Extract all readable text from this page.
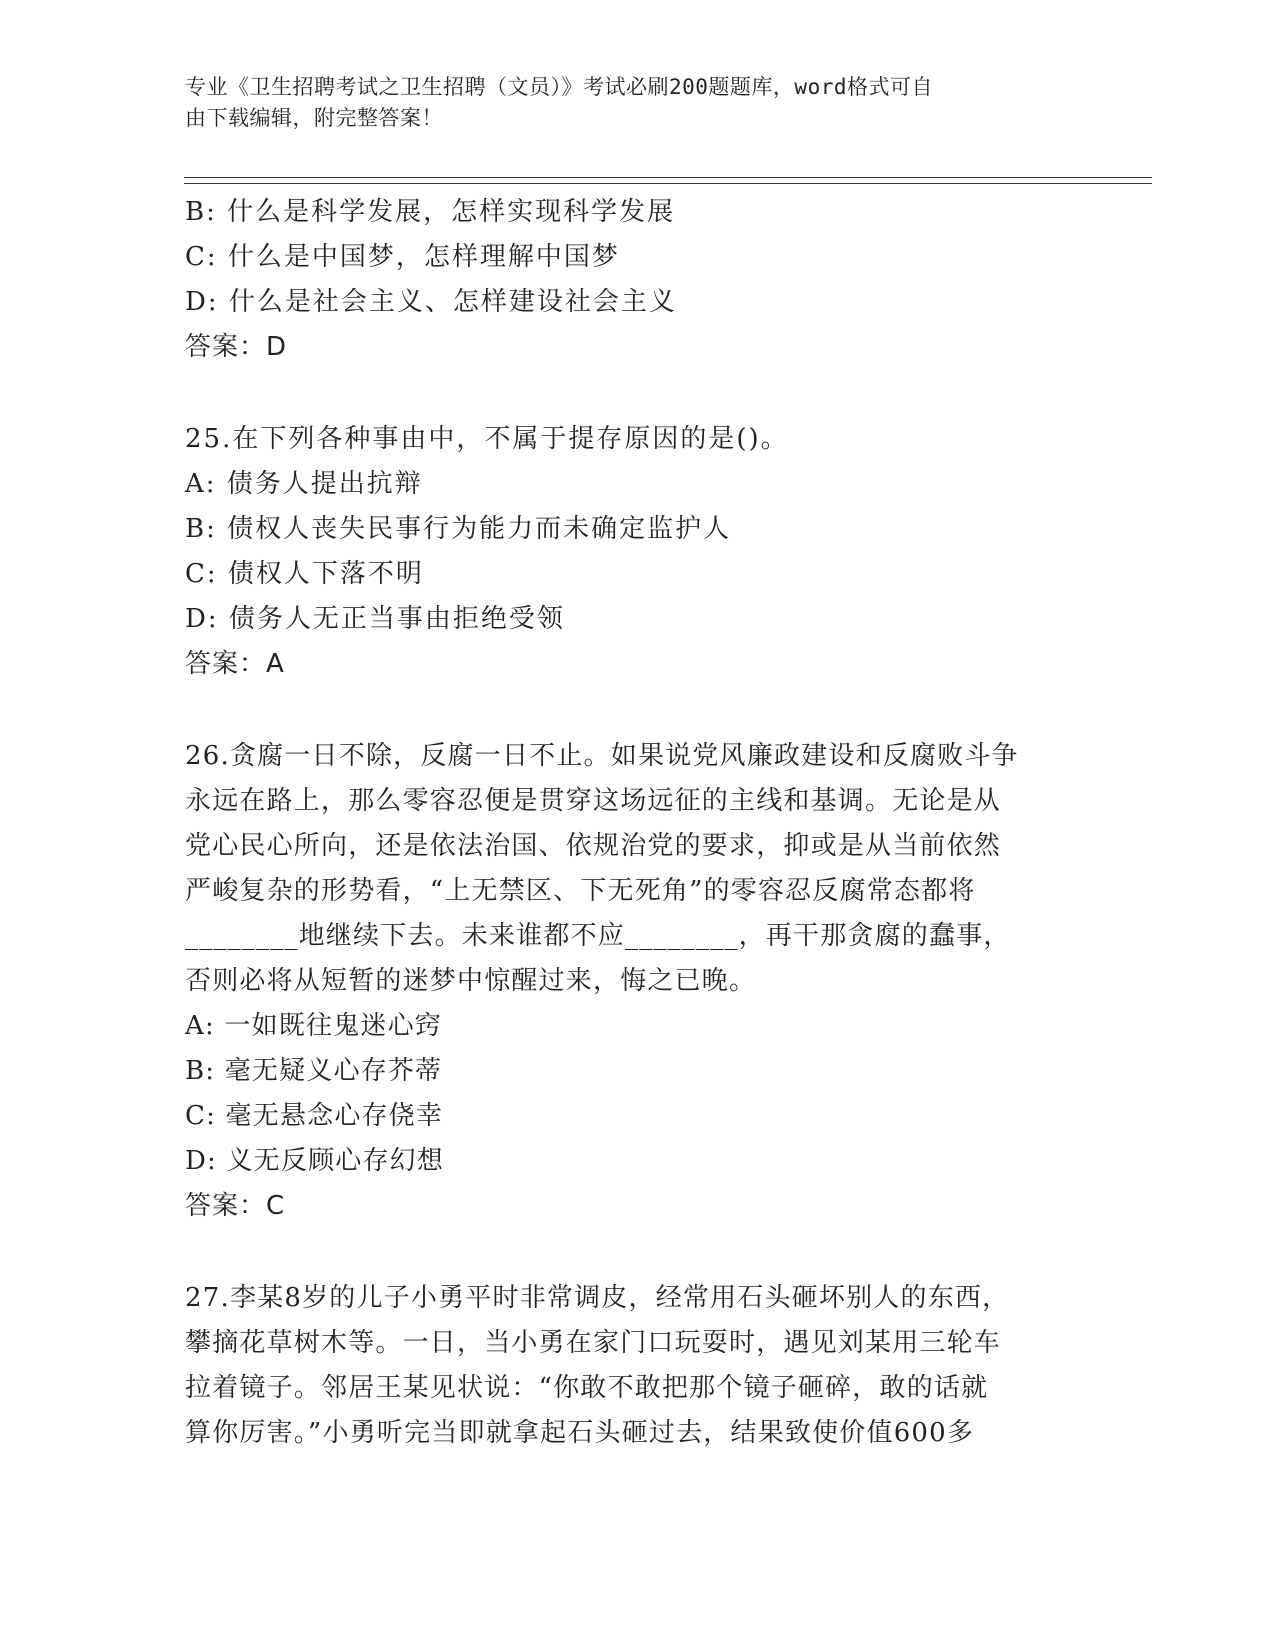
专业《卫生招聘考试之卫生招聘（文员）》考试必刷200题题库，word格式可自
由下载编辑，附完整答案！
B: 什么是科学发展，怎样实现科学发展
C: 什么是中国梦，怎样理解中国梦
D: 什么是社会主义、怎样建设社会主义
答案：D
25.在下列各种事由中，不属于提存原因的是()。
A: 债务人提出抗辩
B: 债权人丧失民事行为能力而未确定监护人
C: 债权人下落不明
D: 债务人无正当事由拒绝受领
答案：A
26.贪腐一日不除，反腐一日不止。如果说党风廉政建设和反腐败斗争
永远在路上，那么零容忍便是贯穿这场远征的主线和基调。无论是从
党心民心所向，还是依法治国、依规治党的要求，抑或是从当前依然
严峻复杂的形势看，“上无禁区、下无死角”的零容忍反腐常态都将
________地继续下去。未来谁都不应________，再干那贪腐的蠢事，
否则必将从短暂的迷梦中惊醒过来，悔之已晚。
A: 一如既往鬼迷心窍
B: 毫无疑义心存芥蒂
C: 毫无悬念心存侥幸
D: 义无反顾心存幻想
答案：C
27.李某8岁的儿子小勇平时非常调皮，经常用石头砸坏别人的东西，
攀摘花草树木等。一日，当小勇在家门口玩耍时，遇见刘某用三轮车
拉着镜子。邻居王某见状说：“你敢不敢把那个镜子砸碎，敢的话就
算你厉害。”小勇听完当即就拿起石头砸过去，结果致使价值600多
